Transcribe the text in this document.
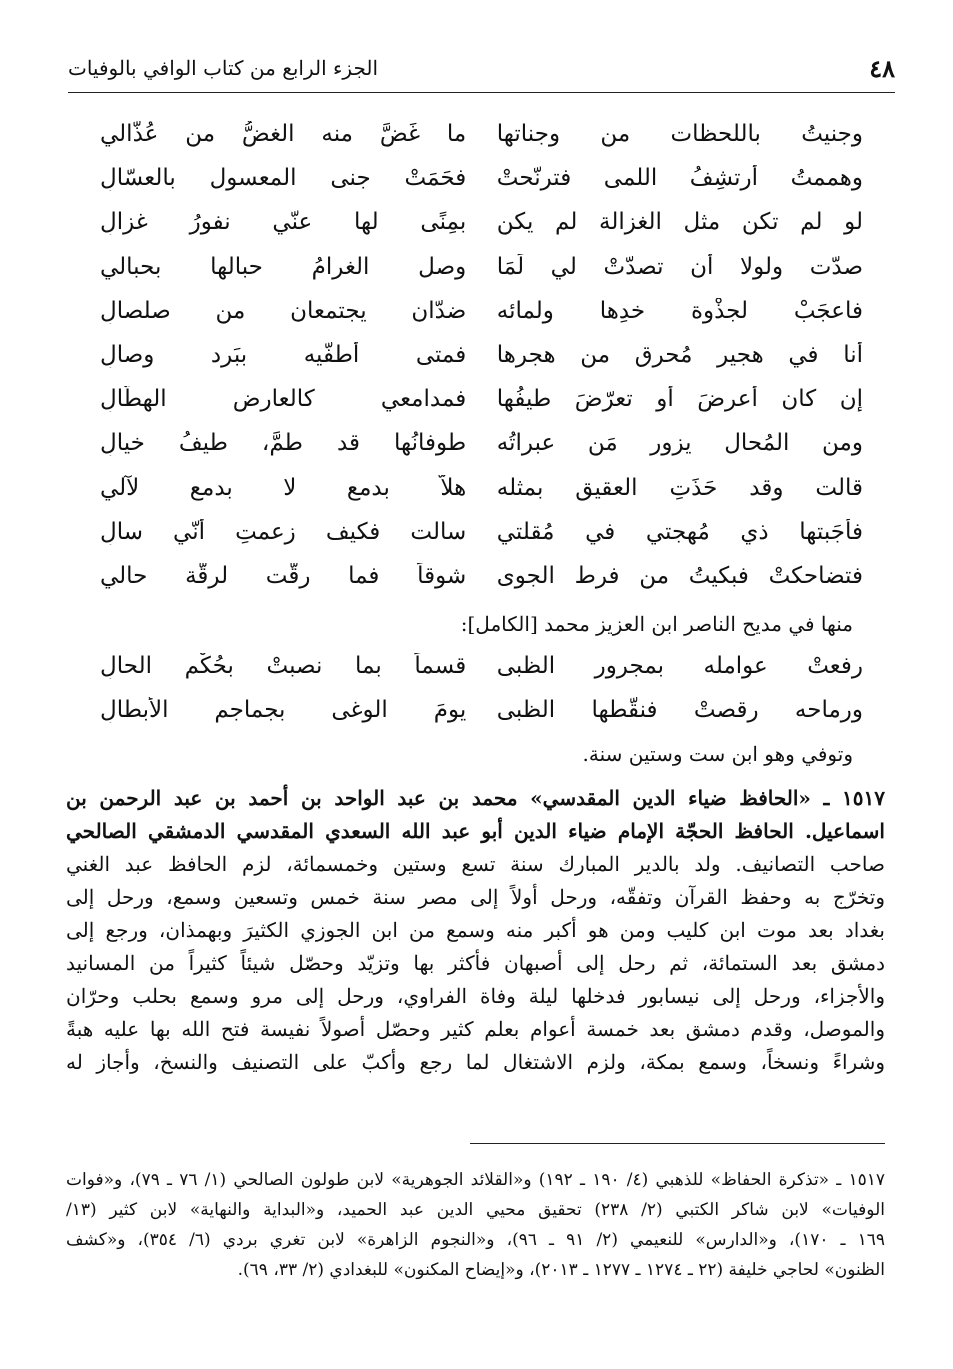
٤٨
الجزء الرابع من كتاب الوافي بالوفيات
وجنيتُ باللحظات من وجناتها
ما غَضَّ منه الغضُّ من عُذّالي
وهممتُ أرتشِفُ اللمى فترنّحتْ
فحَمَتْ جنى المعسول بالعسّالِ
لو لم تكن مثل الغزالة لم يكن
بمِنًى لها عنّي نفورُ غزالِ
صدّت ولولا أن تصدّتْ لي لَمَا
وصل الغرامُ حبالها بحبالي
فاعجَبْ لجذْوة خدِها ولمائه
ضدّان يجتمعان من صلصالِ
أنا في هجير مُحرقٍ من هجرها
فمتى أطفّيه ببَرد وصالِ
إن كان أعرضَ أو تعرّضَ طيفُها
فمدامعي كالعارض الهطّالِ
ومن المُحال يزور مَن عبراتُه
طوفانُها قد طمَّ، طيفُ خيالِ
قالت وقد حَذَتِ العقيق بمثله
هلاّ بدمعٍ لا بدمعِ لآلي
فأجَبتها ذي مُهجتي في مُقلتي
سالت فكيف زعمتِ أنّي سالِ
فتضاحكتْ فبكيتُ من فرط الجوى
شوقاً فما رقّت لرقّة حالي
منها في مديح الناصر ابن العزيز محمد [الكامل]:
رفعتْ عوامله بمجرور الظبى
قسماً بما نصبتْ بحُكْم الحالِ
ورماحه رقصتْ فنقّطها الظبى
يومَ الوغى بجماجم الأبطالِ
وتوفي وهو ابن ست وستين سنة.
١٥١٧ ـ «الحافظ ضياء الدين المقدسي» محمد بن عبد الواحد بن أحمد بن عبد الرحمن بن
اسماعيل. الحافظ الحجّة الإمام ضياء الدين أبو عبد الله السعدي المقدسي الدمشقي الصالحي
صاحب التصانيف. ولد بالدير المبارك سنة تسع وستين وخمسمائة، لزم الحافظ عبد الغني
وتخرّج به وحفظ القرآن وتفقّه، ورحل أولاً إلى مصر سنة خمس وتسعين وسمع، ورحل إلى
بغداد بعد موت ابن كليب ومن هو أكبر منه وسمع من ابن الجوزي الكثيرَ وبهمذان، ورجع إلى
دمشق بعد الستمائة، ثم رحل إلى أصبهان فأكثر بها وتزيّد وحصّل شيئاً كثيراً من المسانيد
والأجزاء، ورحل إلى نيسابور فدخلها ليلة وفاة الفراوي، ورحل إلى مرو وسمع بحلب وحرّان
والموصل، وقدم دمشق بعد خمسة أعوام بعلم كثير وحصّل أصولاً نفيسة فتح الله بها عليه هبةً
وشراءً ونسخاً، وسمع بمكة، ولزم الاشتغال لما رجع وأكبّ على التصنيف والنسخ، وأجاز له
١٥١٧ ـ «تذكرة الحفاظ» للذهبي (٤/ ١٩٠ ـ ١٩٢) و«القلائد الجوهرية» لابن طولون الصالحي (١/ ٧٦ ـ ٧٩)، و«فوات
الوفيات» لابن شاكر الكتبي (٢/ ٢٣٨) تحقيق محيي الدين عبد الحميد، و«البداية والنهاية» لابن كثير (١٣/
١٦٩ ـ ١٧٠)، و«الدارس» للنعيمي (٢/ ٩١ ـ ٩٦)، و«النجوم الزاهرة» لابن تغري بردي (٦/ ٣٥٤)، و«كشف
الظنون» لحاجي خليفة (٢٢ ـ ١٢٧٤ ـ ١٢٧٧ ـ ٢٠١٣)، و«إيضاح المكنون» للبغدادي (٢/ ٣٣، ٦٩).
